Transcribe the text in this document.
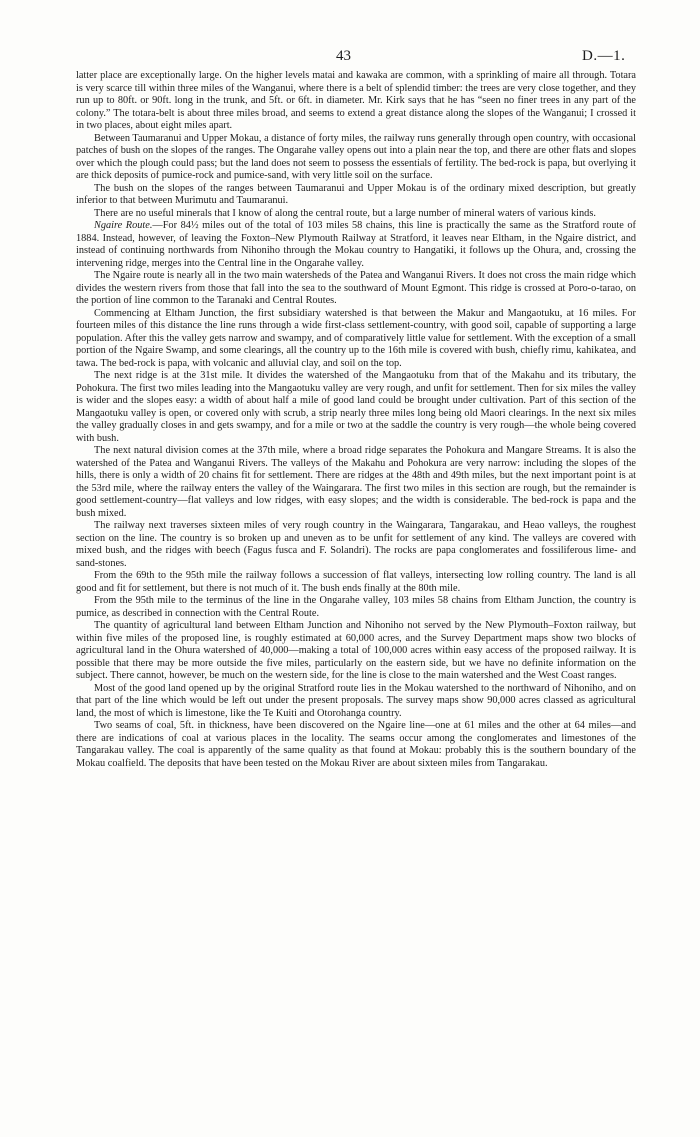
43	D.—1.

latter place are exceptionally large. On the higher levels matai and kawaka are common, with a sprinkling of maire all through. Totara is very scarce till within three miles of the Wanganui, where there is a belt of splendid timber: the trees are very close together, and they run up to 80ft. or 90ft. long in the trunk, and 5ft. or 6ft. in diameter. Mr. Kirk says that he has “seen no finer trees in any part of the colony.” The totara-belt is about three miles broad, and seems to extend a great distance along the slopes of the Wanganui; I crossed it in two places, about eight miles apart.

Between Taumaranui and Upper Mokau, a distance of forty miles, the railway runs generally through open country, with occasional patches of bush on the slopes of the ranges. The Ongarahe valley opens out into a plain near the top, and there are other flats and slopes over which the plough could pass; but the land does not seem to possess the essentials of fertility. The bed-rock is papa, but overlying it are thick deposits of pumice-rock and pumice-sand, with very little soil on the surface.

The bush on the slopes of the ranges between Taumaranui and Upper Mokau is of the ordinary mixed description, but greatly inferior to that between Murimutu and Taumaranui.

There are no useful minerals that I know of along the central route, but a large number of mineral waters of various kinds.

Ngaire Route.—For 84½ miles out of the total of 103 miles 58 chains, this line is practically the same as the Stratford route of 1884. Instead, however, of leaving the Foxton–New Plymouth Railway at Stratford, it leaves near Eltham, in the Ngaire district, and instead of continuing northwards from Nihoniho through the Mokau country to Hangatiki, it follows up the Ohura, and, crossing the intervening ridge, merges into the Central line in the Ongarahe valley.

The Ngaire route is nearly all in the two main watersheds of the Patea and Wanganui Rivers. It does not cross the main ridge which divides the western rivers from those that fall into the sea to the southward of Mount Egmont. This ridge is crossed at Poro-o-tarao, on the portion of line common to the Taranaki and Central Routes.

Commencing at Eltham Junction, the first subsidiary watershed is that between the Makur and Mangaotuku, at 16 miles. For fourteen miles of this distance the line runs through a wide first-class settlement-country, with good soil, capable of supporting a large population. After this the valley gets narrow and swampy, and of comparatively little value for settlement. With the exception of a small portion of the Ngaire Swamp, and some clearings, all the country up to the 16th mile is covered with bush, chiefly rimu, kahikatea, and tawa. The bed-rock is papa, with volcanic and alluvial clay, and soil on the top.

The next ridge is at the 31st mile. It divides the watershed of the Mangaotuku from that of the Makahu and its tributary, the Pohokura. The first two miles leading into the Mangaotuku valley are very rough, and unfit for settlement. Then for six miles the valley is wider and the slopes easy: a width of about half a mile of good land could be brought under cultivation. Part of this section of the Mangaotuku valley is open, or covered only with scrub, a strip nearly three miles long being old Maori clearings. In the next six miles the valley gradually closes in and gets swampy, and for a mile or two at the saddle the country is very rough—the whole being covered with bush.

The next natural division comes at the 37th mile, where a broad ridge separates the Pohokura and Mangare Streams. It is also the watershed of the Patea and Wanganui Rivers. The valleys of the Makahu and Pohokura are very narrow: including the slopes of the hills, there is only a width of 20 chains fit for settlement. There are ridges at the 48th and 49th miles, but the next important point is at the 53rd mile, where the railway enters the valley of the Waingarara. The first two miles in this section are rough, but the remainder is good settlement-country—flat valleys and low ridges, with easy slopes; and the width is considerable. The bed-rock is papa and the bush mixed.

The railway next traverses sixteen miles of very rough country in the Waingarara, Tangarakau, and Heao valleys, the roughest section on the line. The country is so broken up and uneven as to be unfit for settlement of any kind. The valleys are covered with mixed bush, and the ridges with beech (Fagus fusca and F. Solandri). The rocks are papa conglomerates and fossiliferous lime- and sand-stones.

From the 69th to the 95th mile the railway follows a succession of flat valleys, intersecting low rolling country. The land is all good and fit for settlement, but there is not much of it. The bush ends finally at the 80th mile.

From the 95th mile to the terminus of the line in the Ongarahe valley, 103 miles 58 chains from Eltham Junction, the country is pumice, as described in connection with the Central Route.

The quantity of agricultural land between Eltham Junction and Nihoniho not served by the New Plymouth–Foxton railway, but within five miles of the proposed line, is roughly estimated at 60,000 acres, and the Survey Department maps show two blocks of agricultural land in the Ohura watershed of 40,000—making a total of 100,000 acres within easy access of the proposed railway. It is possible that there may be more outside the five miles, particularly on the eastern side, but we have no definite information on the subject. There cannot, however, be much on the western side, for the line is close to the main watershed and the West Coast ranges.

Most of the good land opened up by the original Stratford route lies in the Mokau watershed to the northward of Nihoniho, and on that part of the line which would be left out under the present proposals. The survey maps show 90,000 acres classed as agricultural land, the most of which is limestone, like the Te Kuiti and Otorohanga country.

Two seams of coal, 5ft. in thickness, have been discovered on the Ngaire line—one at 61 miles and the other at 64 miles—and there are indications of coal at various places in the locality. The seams occur among the conglomerates and limestones of the Tangarakau valley. The coal is apparently of the same quality as that found at Mokau: probably this is the southern boundary of the Mokau coalfield. The deposits that have been tested on the Mokau River are about sixteen miles from Tangarakau.
